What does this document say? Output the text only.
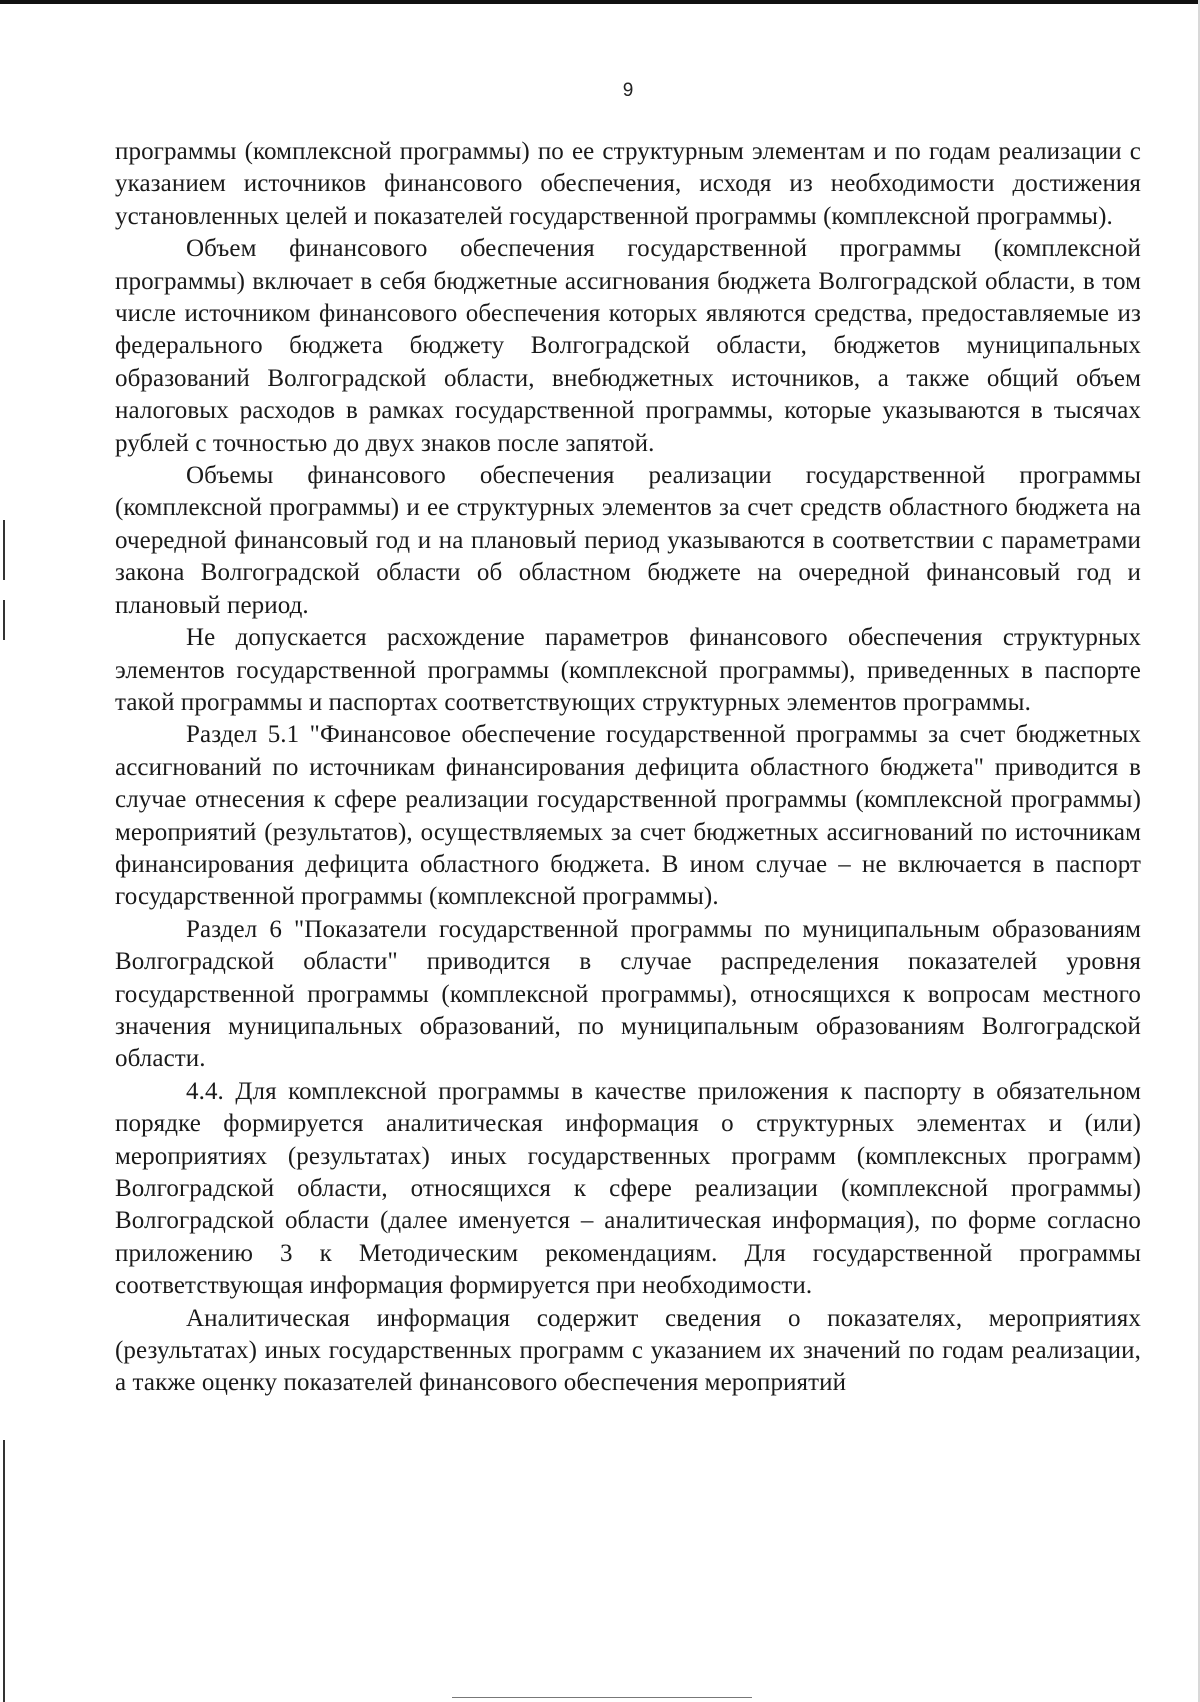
9

программы (комплексной программы) по ее структурным элементам и по годам реализации с указанием источников финансового обеспечения, исходя из необходимости достижения установленных целей и показателей государственной программы (комплексной программы).

Объем финансового обеспечения государственной программы (комплексной программы) включает в себя бюджетные ассигнования бюджета Волгоградской области, в том числе источником финансового обеспечения которых являются средства, предоставляемые из федерального бюджета бюджету Волгоградской области, бюджетов муниципальных образований Волгоградской области, внебюджетных источников, а также общий объем налоговых расходов в рамках государственной программы, которые указываются в тысячах рублей с точностью до двух знаков после запятой.

Объемы финансового обеспечения реализации государственной программы (комплексной программы) и ее структурных элементов за счет средств областного бюджета на очередной финансовый год и на плановый период указываются в соответствии с параметрами закона Волгоградской области об областном бюджете на очередной финансовый год и плановый период.

Не допускается расхождение параметров финансового обеспечения структурных элементов государственной программы (комплексной программы), приведенных в паспорте такой программы и паспортах соответствующих структурных элементов программы.

Раздел 5.1 "Финансовое обеспечение государственной программы за счет бюджетных ассигнований по источникам финансирования дефицита областного бюджета" приводится в случае отнесения к сфере реализации государственной программы (комплексной программы) мероприятий (результатов), осуществляемых за счет бюджетных ассигнований по источникам финансирования дефицита областного бюджета. В ином случае – не включается в паспорт государственной программы (комплексной программы).

Раздел 6 "Показатели государственной программы по муниципальным образованиям Волгоградской области" приводится в случае распределения показателей уровня государственной программы (комплексной программы), относящихся к вопросам местного значения муниципальных образований, по муниципальным образованиям Волгоградской области.

4.4. Для комплексной программы в качестве приложения к паспорту в обязательном порядке формируется аналитическая информация о структурных элементах и (или) мероприятиях (результатах) иных государственных программ (комплексных программ) Волгоградской области, относящихся к сфере реализации (комплексной программы) Волгоградской области (далее именуется – аналитическая информация), по форме согласно приложению 3 к Методическим рекомендациям. Для государственной программы соответствующая информация формируется при необходимости.

Аналитическая информация содержит сведения о показателях, мероприятиях (результатах) иных государственных программ с указанием их значений по годам реализации, а также оценку показателей финансового обеспечения мероприятий
